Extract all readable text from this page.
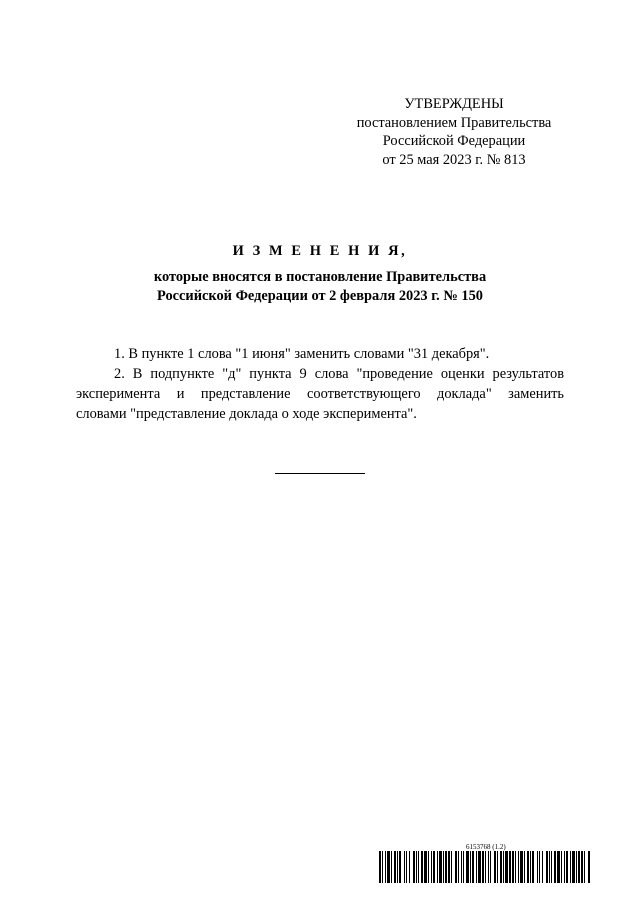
УТВЕРЖДЕНЫ
постановлением Правительства
Российской Федерации
от 25 мая 2023 г. № 813
И З М Е Н Е Н И Я,
которые вносятся в постановление Правительства
Российской Федерации от 2 февраля 2023 г. № 150

1. В пункте 1 слова "1 июня" заменить словами "31 декабря".

2. В подпункте "д" пункта 9 слова "проведение оценки результатов
эксперимента и представление соответствующего доклада" заменить
словами "представление доклада о ходе эксперимента".

6153768 (1.2)
